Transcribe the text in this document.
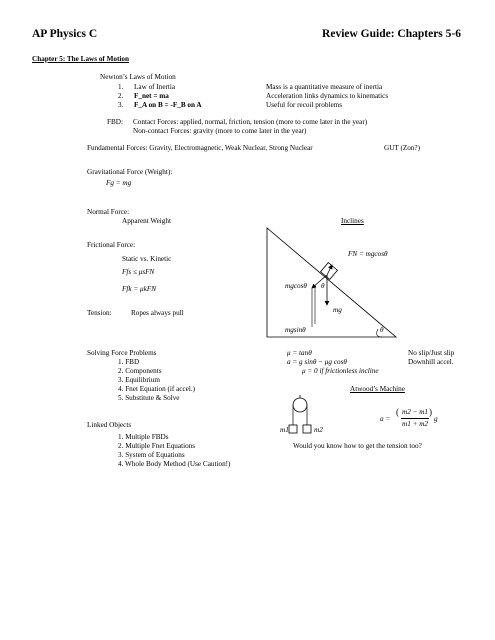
AP Physics C	Review Guide: Chapters 5-6
Chapter 5: The Laws of Motion
Newton’s Laws of Motion
1. Law of Inertia	Mass is a quantitative measure of inertia
2. F_net = ma	Acceleration links dynamics to kinematics
3. F_A on B = -F_B on A	Useful for recoil problems
FBD: Contact Forces: applied, normal, friction, tension (more to come later in the year)
Non-contact Forces: gravity (more to come later in the year)
Fundamental Forces: Gravity, Electromagnetic, Weak Nuclear, Strong Nuclear	GUT (Zon?)
Gravitational Force (Weight):
Fg = mg
Normal Force:
Apparent Weight	Inclines
Frictional Force:
Static vs. Kinetic
Ffs ≤ μsFN
Ffk = μkFN
Tension:	Ropes always pull
FN = mgcosθ
mgcosθ θ
mg
mgsinθ	θ
Solving Force Problems
1. FBD
2. Components
3. Equilibrium
4. Fnet Equation (if accel.)
5. Substitute & Solve
μ = tanθ
a = g sinθ − μg cosθ
μ = 0 if frictionless incline
No slip/Just slip
Downhill accel.
Atwood’s Machine
m1	m2
a =
( m2 − m1
m1 + m2
)
g
Would you know how to get the tension too?
Linked Objects
1. Multiple FBDs
2. Multiple Fnet Equations
3. System of Equations
4. Whole Body Method (Use Caution!)
